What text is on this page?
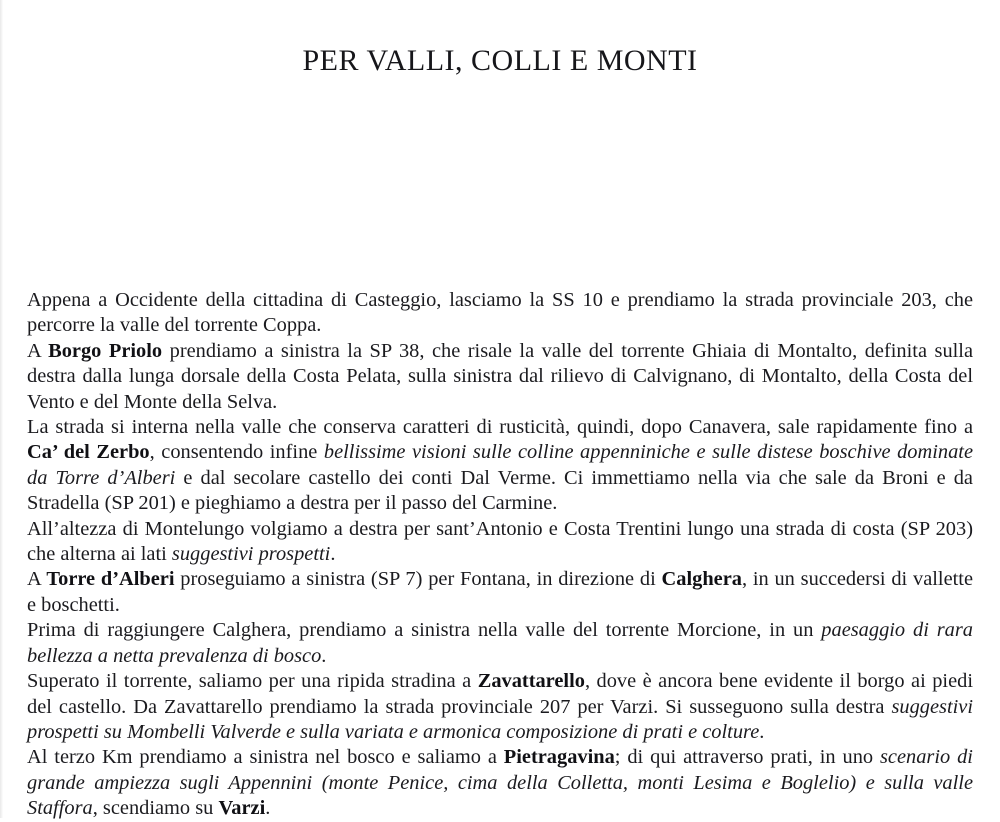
PER VALLI, COLLI E MONTI

Appena a Occidente della cittadina di Casteggio, lasciamo la SS 10 e prendiamo la strada provinciale 203, che percorre la valle del torrente Coppa.

A Borgo Priolo prendiamo a sinistra la SP 38, che risale la valle del torrente Ghiaia di Montalto, definita sulla destra dalla lunga dorsale della Costa Pelata, sulla sinistra dal rilievo di Calvignano, di Montalto, della Costa del Vento e del Monte della Selva.

La strada si interna nella valle che conserva caratteri di rusticità, quindi, dopo Canavera, sale rapidamente fino a Ca’ del Zerbo, consentendo infine bellissime visioni sulle colline appenniniche e sulle distese boschive dominate da Torre d’Alberi e dal secolare castello dei conti Dal Verme. Ci immettiamo nella via che sale da Broni e da Stradella (SP 201) e pieghiamo a destra per il passo del Carmine.

All’altezza di Montelungo volgiamo a destra per sant’Antonio e Costa Trentini lungo una strada di costa (SP 203) che alterna ai lati suggestivi prospetti.

A Torre d’Alberi proseguiamo a sinistra (SP 7) per Fontana, in direzione di Calghera, in un succedersi di vallette e boschetti.

Prima di raggiungere Calghera, prendiamo a sinistra nella valle del torrente Morcione, in un paesaggio di rara bellezza a netta prevalenza di bosco.

Superato il torrente, saliamo per una ripida stradina a Zavattarello, dove è ancora bene evidente il borgo ai piedi del castello. Da Zavattarello prendiamo la strada provinciale 207 per Varzi. Si susseguono sulla destra suggestivi prospetti su Mombelli Valverde e sulla variata e armonica composizione di prati e colture.

Al terzo Km prendiamo a sinistra nel bosco e saliamo a Pietragavina; di qui attraverso prati, in uno scenario di grande ampiezza sugli Appennini (monte Penice, cima della Colletta, monti Lesima e Boglelio) e sulla valle Staffora, scendiamo su Varzi.
